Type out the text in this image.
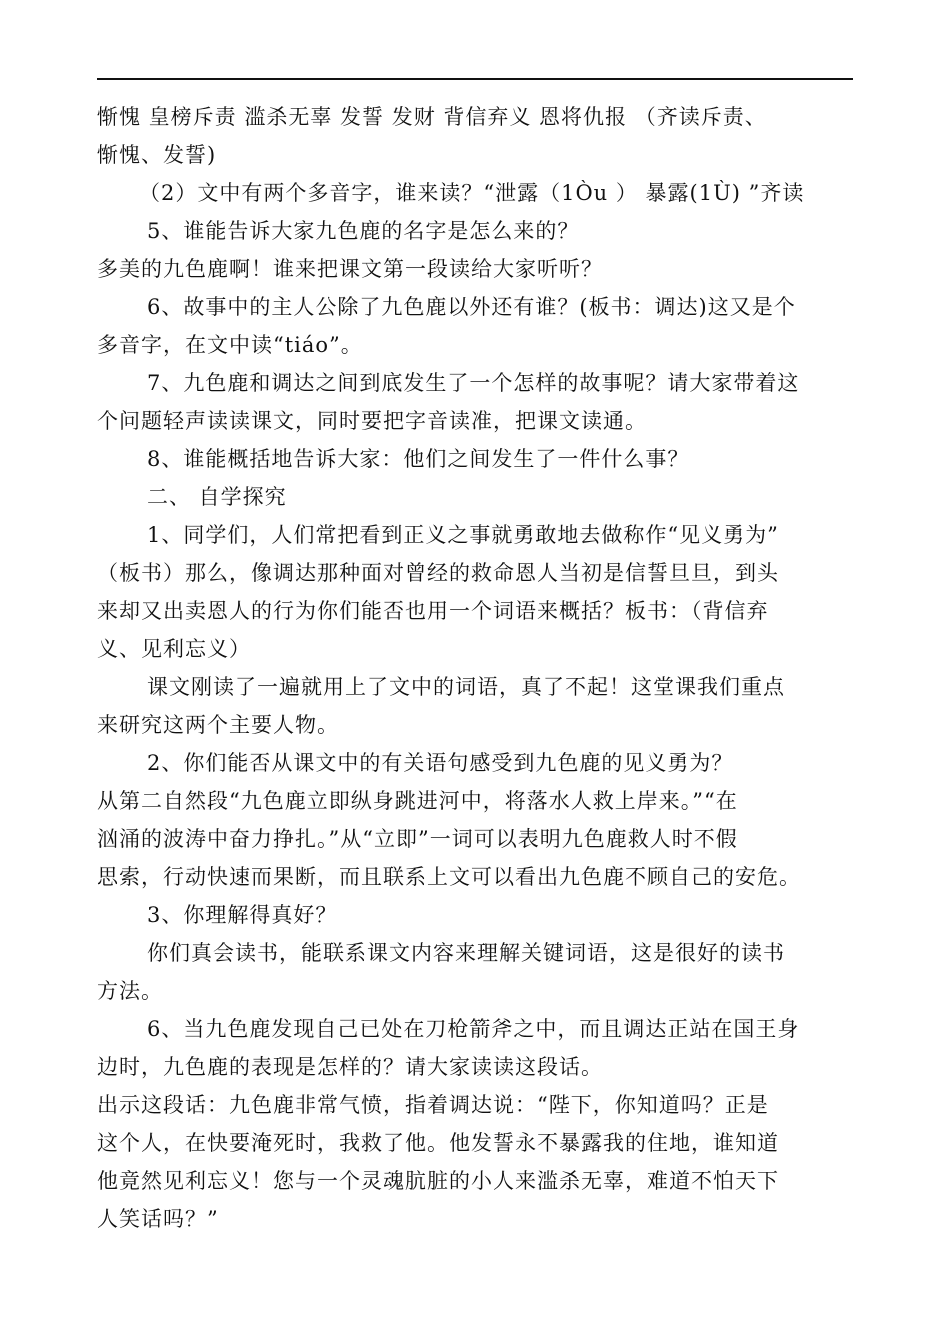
惭愧 皇榜斥责 滥杀无辜 发誓 发财 背信弃义 恩将仇报 （齐读斥责、
惭愧、发誓)
（2）文中有两个多音字，谁来读？“泄露（1Òu ） 暴露(1Ù) ”齐读
5、谁能告诉大家九色鹿的名字是怎么来的？
多美的九色鹿啊！谁来把课文第一段读给大家听听？
6、故事中的主人公除了九色鹿以外还有谁？(板书：调达)这又是个
多音字，在文中读“tiáo”。
7、九色鹿和调达之间到底发生了一个怎样的故事呢？请大家带着这
个问题轻声读读课文，同时要把字音读准，把课文读通。
8、谁能概括地告诉大家：他们之间发生了一件什么事？
二、 自学探究
1、同学们，人们常把看到正义之事就勇敢地去做称作“见义勇为”
（板书）那么，像调达那种面对曾经的救命恩人当初是信誓旦旦，到头
来却又出卖恩人的行为你们能否也用一个词语来概括？板书：（背信弃
义、见利忘义）
课文刚读了一遍就用上了文中的词语，真了不起！这堂课我们重点
来研究这两个主要人物。
2、你们能否从课文中的有关语句感受到九色鹿的见义勇为？
从第二自然段“九色鹿立即纵身跳进河中，将落水人救上岸来。”“在
汹涌的波涛中奋力挣扎。”从“立即”一词可以表明九色鹿救人时不假
思索，行动快速而果断，而且联系上文可以看出九色鹿不顾自己的安危。
3、你理解得真好？
你们真会读书，能联系课文内容来理解关键词语，这是很好的读书
方法。
6、当九色鹿发现自己已处在刀枪箭斧之中，而且调达正站在国王身
边时，九色鹿的表现是怎样的？请大家读读这段话。
出示这段话：九色鹿非常气愤，指着调达说：“陛下，你知道吗？正是
这个人，在快要淹死时，我救了他。他发誓永不暴露我的住地，谁知道
他竟然见利忘义！您与一个灵魂肮脏的小人来滥杀无辜，难道不怕天下
人笑话吗？”
